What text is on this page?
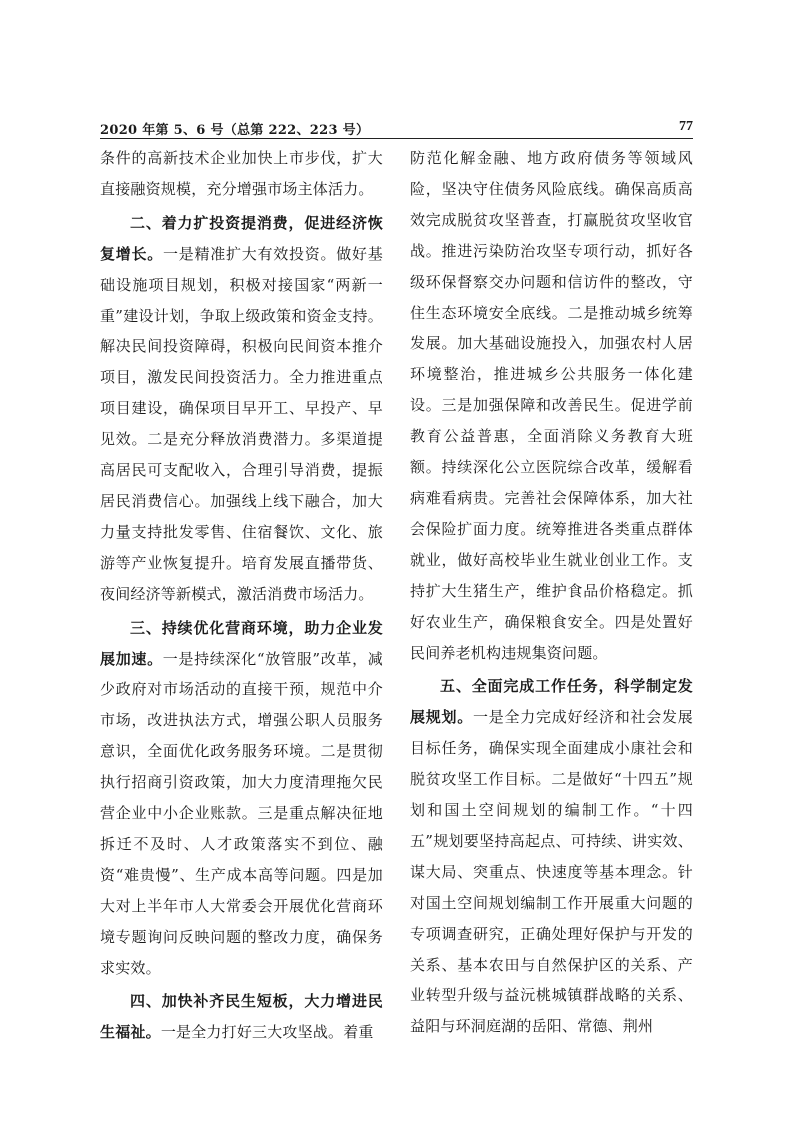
2020 年第 5、6 号（总第 222、223 号）	77

条件的高新技术企业加快上市步伐，扩大直接融资规模，充分增强市场主体活力。

二、着力扩投资提消费，促进经济恢复增长。一是精准扩大有效投资。做好基础设施项目规划，积极对接国家“两新一重”建设计划，争取上级政策和资金支持。解决民间投资障碍，积极向民间资本推介项目，激发民间投资活力。全力推进重点项目建设，确保项目早开工、早投产、早见效。二是充分释放消费潜力。多渠道提高居民可支配收入，合理引导消费，提振居民消费信心。加强线上线下融合，加大力量支持批发零售、住宿餐饮、文化、旅游等产业恢复提升。培育发展直播带货、夜间经济等新模式，激活消费市场活力。

三、持续优化营商环境，助力企业发展加速。一是持续深化“放管服”改革，减少政府对市场活动的直接干预，规范中介市场，改进执法方式，增强公职人员服务意识，全面优化政务服务环境。二是贯彻执行招商引资政策，加大力度清理拖欠民营企业中小企业账款。三是重点解决征地拆迁不及时、人才政策落实不到位、融资“难贵慢”、生产成本高等问题。四是加大对上半年市人大常委会开展优化营商环境专题询问反映问题的整改力度，确保务求实效。

四、加快补齐民生短板，大力增进民生福祉。一是全力打好三大攻坚战。着重

防范化解金融、地方政府债务等领域风险，坚决守住债务风险底线。确保高质高效完成脱贫攻坚普查，打赢脱贫攻坚收官战。推进污染防治攻坚专项行动，抓好各级环保督察交办问题和信访件的整改，守住生态环境安全底线。二是推动城乡统筹发展。加大基础设施投入，加强农村人居环境整治，推进城乡公共服务一体化建设。三是加强保障和改善民生。促进学前教育公益普惠，全面消除义务教育大班额。持续深化公立医院综合改革，缓解看病难看病贵。完善社会保障体系，加大社会保险扩面力度。统筹推进各类重点群体就业，做好高校毕业生就业创业工作。支持扩大生猪生产，维护食品价格稳定。抓好农业生产，确保粮食安全。四是处置好民间养老机构违规集资问题。

五、全面完成工作任务，科学制定发展规划。一是全力完成好经济和社会发展目标任务，确保实现全面建成小康社会和脱贫攻坚工作目标。二是做好“十四五”规划和国土空间规划的编制工作。“十四五”规划要坚持高起点、可持续、讲实效、谋大局、突重点、快速度等基本理念。针对国土空间规划编制工作开展重大问题的专项调查研究，正确处理好保护与开发的关系、基本农田与自然保护区的关系、产业转型升级与益沅桃城镇群战略的关系、益阳与环洞庭湖的岳阳、常德、荆州
